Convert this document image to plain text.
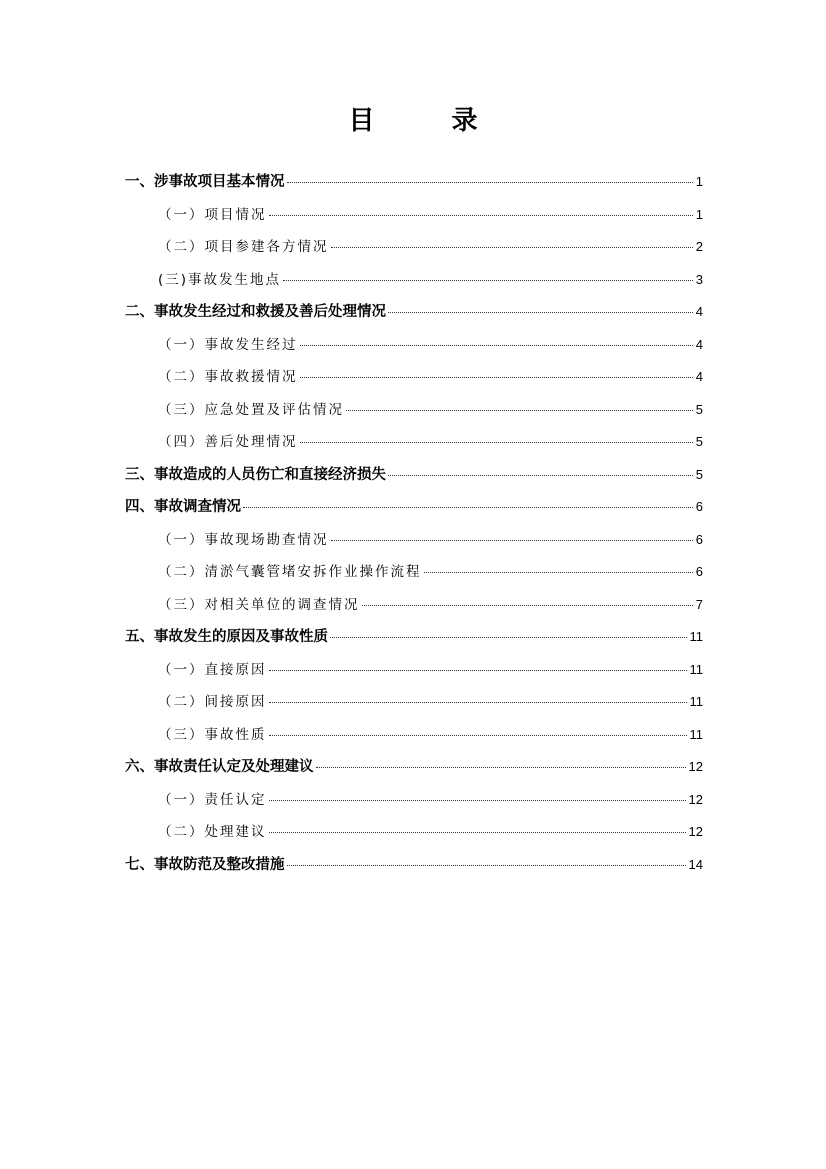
目 录
一、涉事故项目基本情况	1
（一）项目情况	1
（二）项目参建各方情况	2
(三)事故发生地点	3
二、事故发生经过和救援及善后处理情况	4
（一）事故发生经过	4
（二）事故救援情况	4
（三）应急处置及评估情况	5
（四）善后处理情况	5
三、事故造成的人员伤亡和直接经济损失	5
四、事故调查情况	6
（一）事故现场勘查情况	6
（二）清淤气囊管堵安拆作业操作流程	6
（三）对相关单位的调查情况	7
五、事故发生的原因及事故性质	11
（一）直接原因	11
（二）间接原因	11
（三）事故性质	11
六、事故责任认定及处理建议	12
（一）责任认定	12
（二）处理建议	12
七、事故防范及整改措施	14
